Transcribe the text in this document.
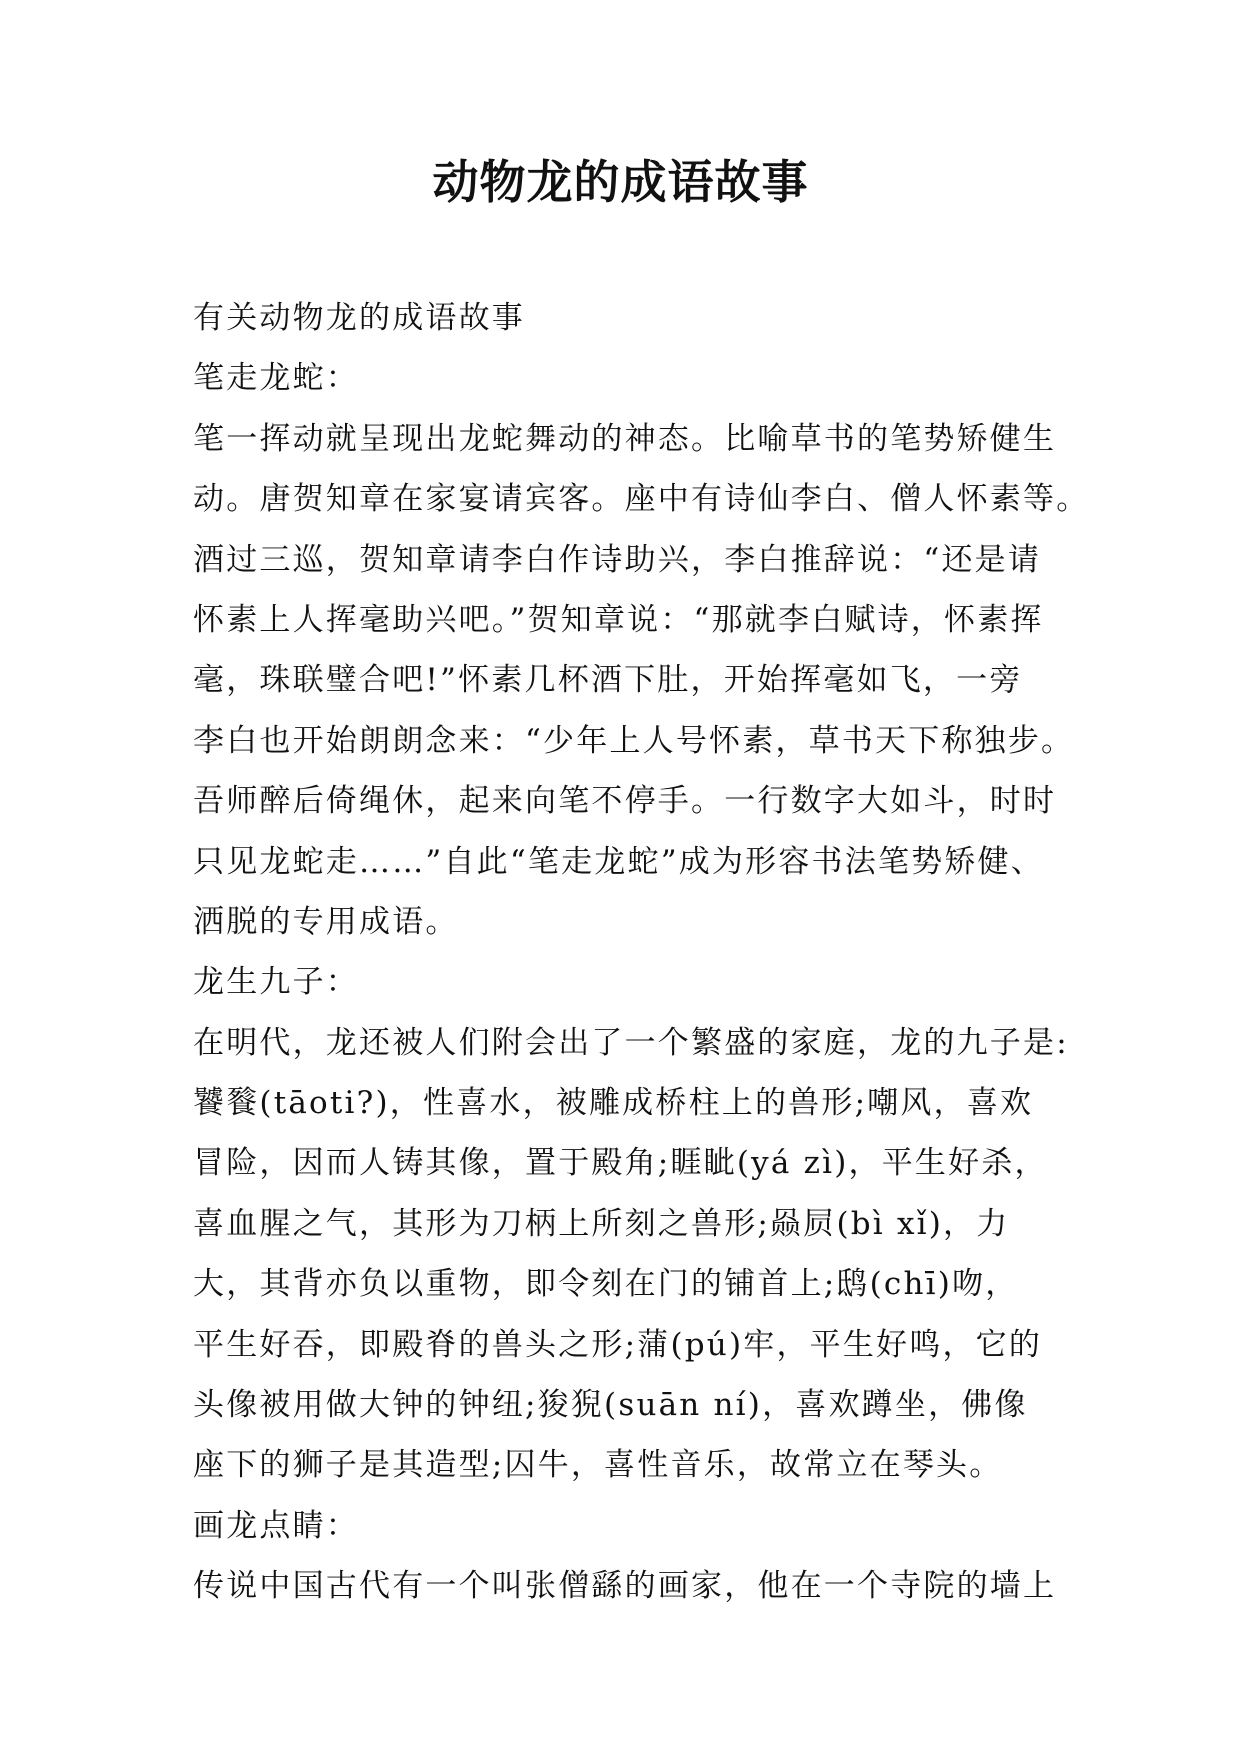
动物龙的成语故事
有关动物龙的成语故事
笔走龙蛇：
笔一挥动就呈现出龙蛇舞动的神态。比喻草书的笔势矫健生
动。唐贺知章在家宴请宾客。座中有诗仙李白、僧人怀素等。
酒过三巡，贺知章请李白作诗助兴，李白推辞说：“还是请
怀素上人挥毫助兴吧。”贺知章说：“那就李白赋诗，怀素挥
毫，珠联璧合吧!”怀素几杯酒下肚，开始挥毫如飞，一旁
李白也开始朗朗念来：“少年上人号怀素，草书天下称独步。
吾师醉后倚绳休，起来向笔不停手。一行数字大如斗，时时
只见龙蛇走……”自此“笔走龙蛇”成为形容书法笔势矫健、
洒脱的专用成语。
龙生九子：
在明代，龙还被人们附会出了一个繁盛的家庭，龙的九子是:
饕餮(tāoti?)，性喜水，被雕成桥柱上的兽形;嘲风，喜欢
冒险，因而人铸其像，置于殿角;睚眦(yá zì)，平生好杀，
喜血腥之气，其形为刀柄上所刻之兽形;赑屃(bì xǐ)，力
大，其背亦负以重物，即令刻在门的铺首上;鸱(chī)吻，
平生好吞，即殿脊的兽头之形;蒲(pú)牢，平生好鸣，它的
头像被用做大钟的钟纽;狻猊(suān ní)，喜欢蹲坐，佛像
座下的狮子是其造型;囚牛，喜性音乐，故常立在琴头。
画龙点睛：
传说中国古代有一个叫张僧繇的画家，他在一个寺院的墙上
